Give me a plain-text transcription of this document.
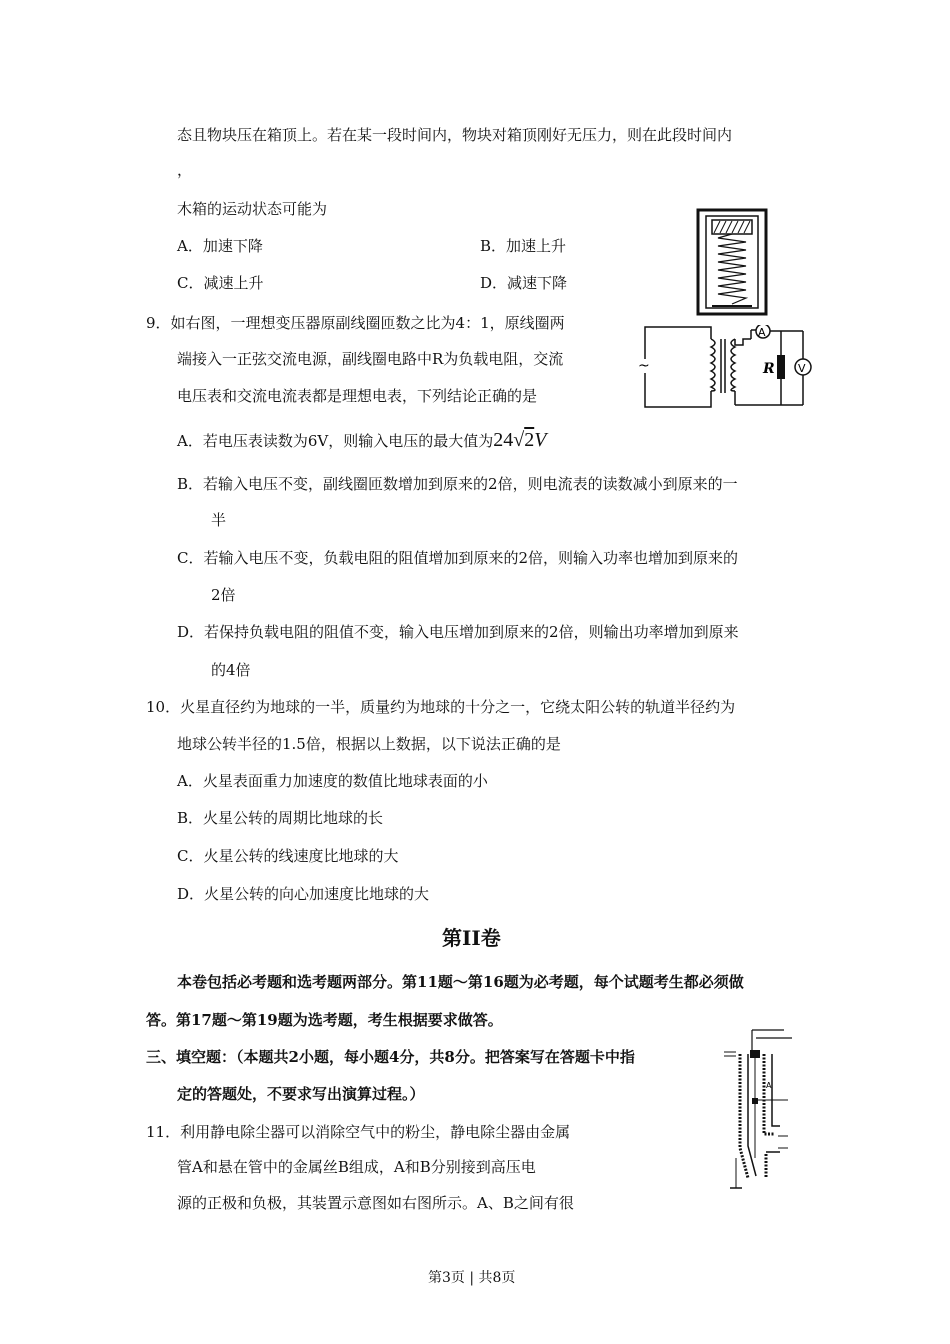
态且物块压在箱顶上。若在某一段时间内，物块对箱顶刚好无压力，则在此段时间内
，
木箱的运动状态可能为
A．加速下降	B．加速上升
C．减速上升	D．减速下降
9．如右图，一理想变压器原副线圈匝数之比为4：1，原线圈两
端接入一正弦交流电源，副线圈电路中R为负载电阻，交流
电压表和交流电流表都是理想电表，下列结论正确的是
~
A
R V
A．若电压表读数为6V，则输入电压的最大值为24√2V
B．若输入电压不变，副线圈匝数增加到原来的2倍，则电流表的读数减小到原来的一
半
C．若输入电压不变，负载电阻的阻值增加到原来的2倍，则输入功率也增加到原来的
2倍
D．若保持负载电阻的阻值不变，输入电压增加到原来的2倍，则输出功率增加到原来
的4倍
10．火星直径约为地球的一半，质量约为地球的十分之一，它绕太阳公转的轨道半径约为
地球公转半径的1.5倍，根据以上数据，以下说法正确的是
A．火星表面重力加速度的数值比地球表面的小
B．火星公转的周期比地球的长
C．火星公转的线速度比地球的大
D．火星公转的向心加速度比地球的大
第II卷
本卷包括必考题和选考题两部分。第11题～第16题为必考题，每个试题考生都必须做
答。第17题～第19题为选考题，考生根据要求做答。
三、填空题：（本题共2小题，每小题4分，共8分。把答案写在答题卡中指
定的答题处，不要求写出演算过程。）
11．利用静电除尘器可以消除空气中的粉尘，静电除尘器由金属
管A和悬在管中的金属丝B组成，A和B分别接到高压电
源的正极和负极，其装置示意图如右图所示。A、B之间有很
A
第3页 | 共8页
